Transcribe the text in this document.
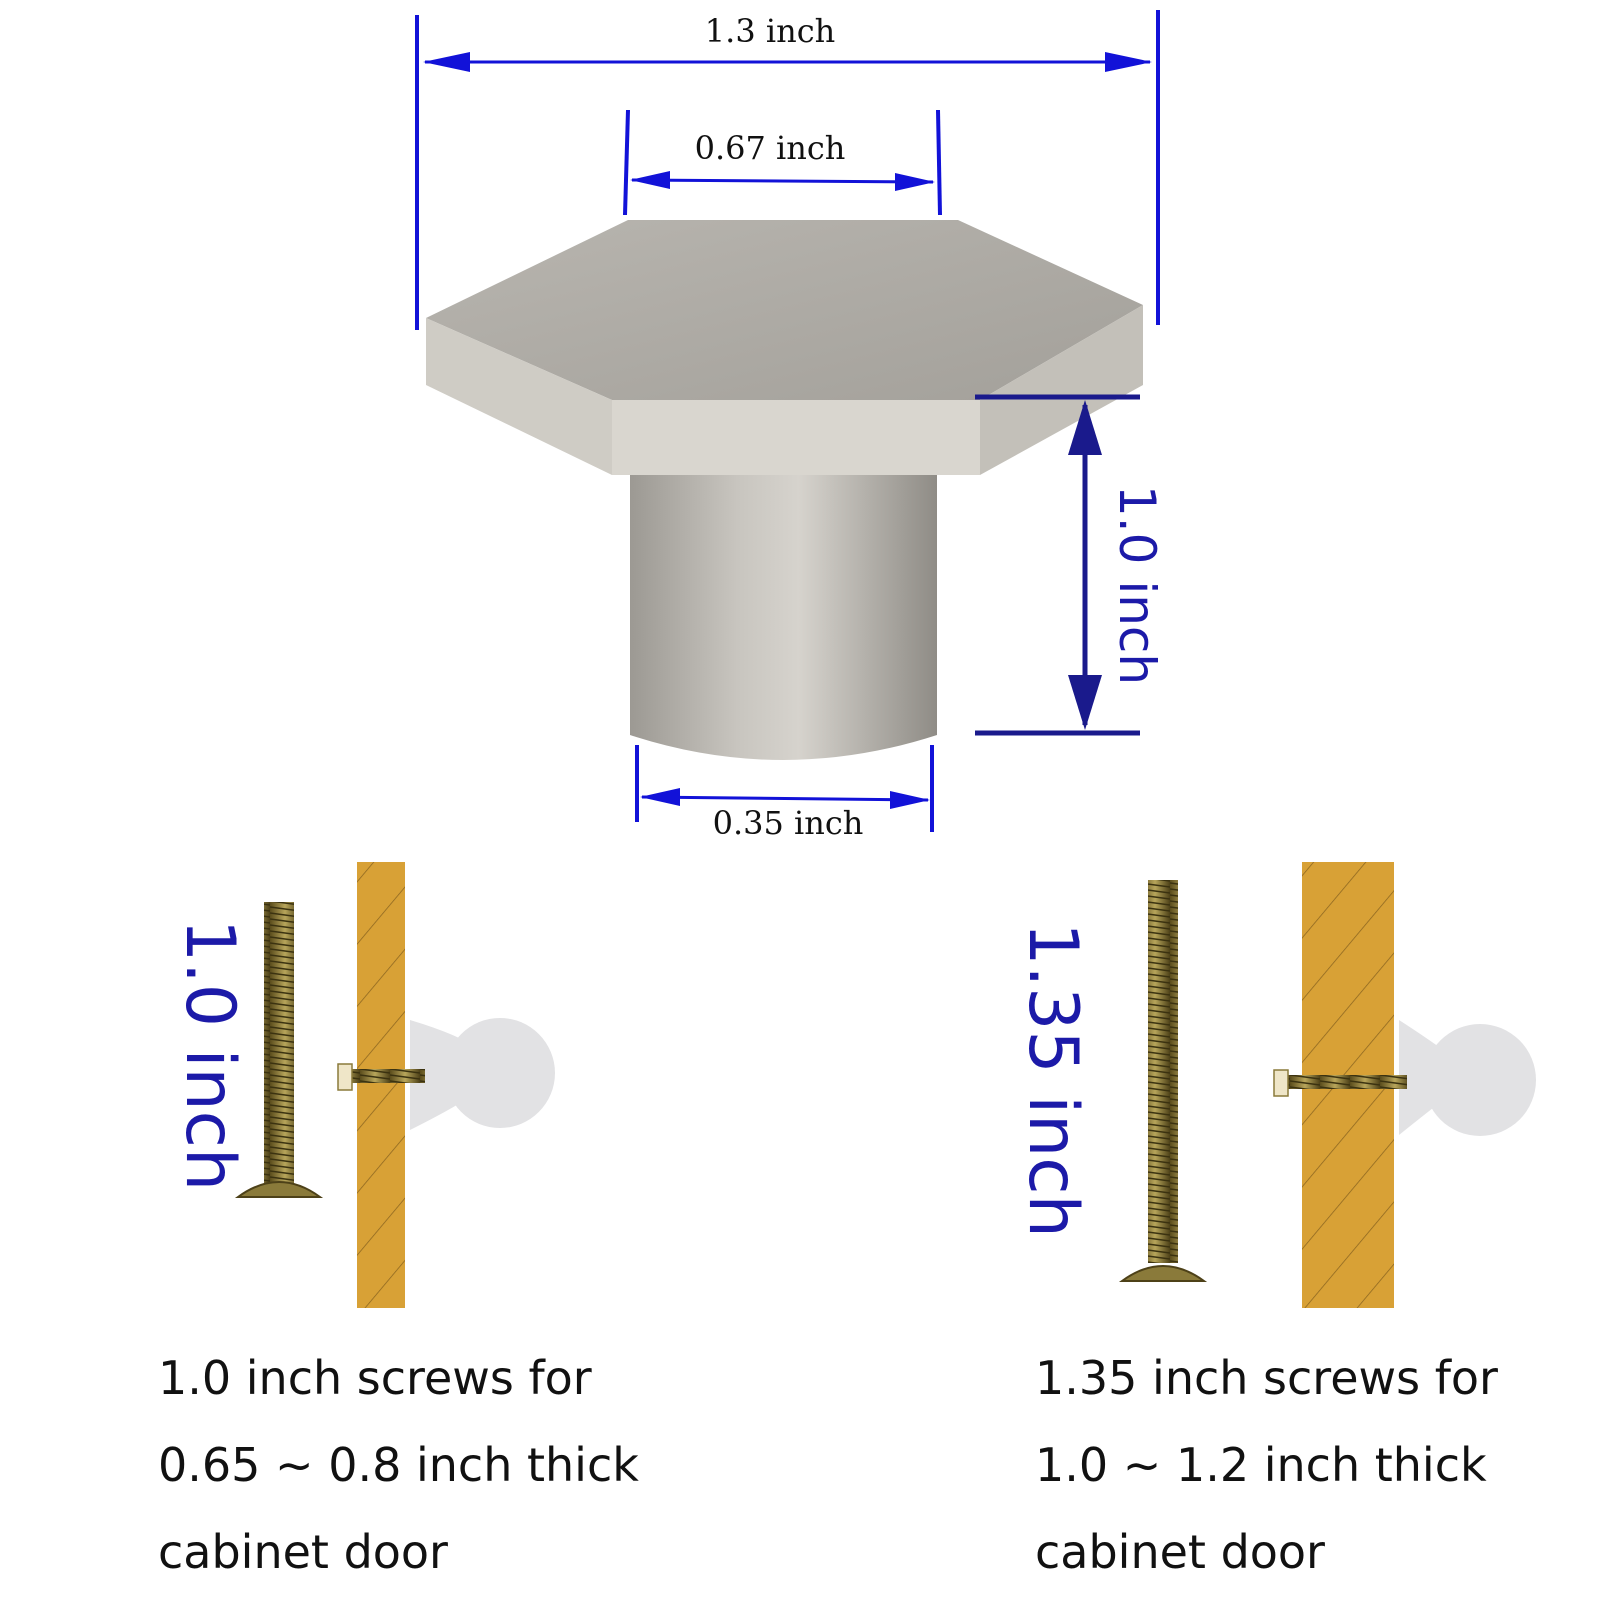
1.3 inch
0.67 inch
0.35 inch
1.0 inch
1.0 inch	1.35 inch
1.0 inch screws for
0.65 ~ 0.8 inch thick
cabinet door
1.35 inch screws for
1.0 ~ 1.2 inch thick
cabinet door
